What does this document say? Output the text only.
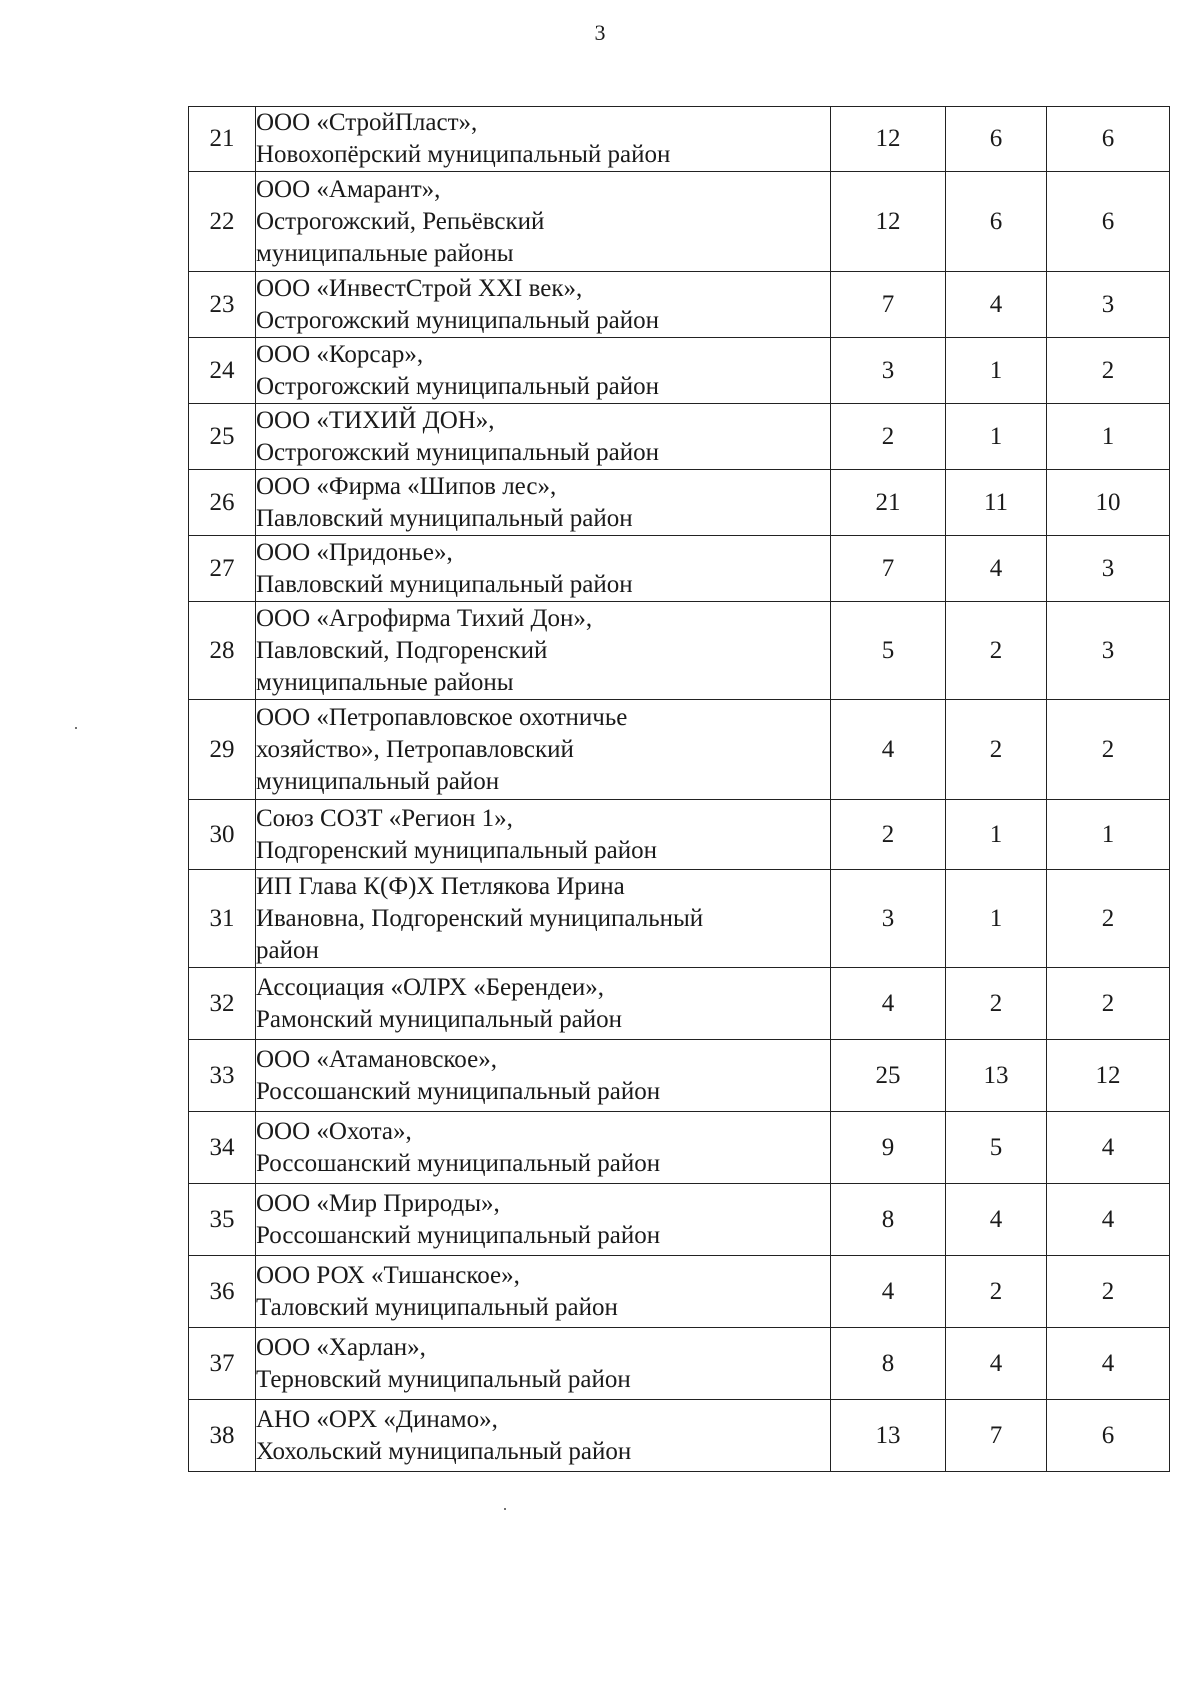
3
21	ООО «СтройПласт»,
Новохопёрский муниципальный район	12	6	6
22	ООО «Амарант»,
Острогожский, Репьёвский
муниципальные районы	12	6	6
23	ООО «ИнвестСтрой XXI век»,
Острогожский муниципальный район	7	4	3
24	ООО «Корсар»,
Острогожский муниципальный район	3	1	2
25	ООО «ТИХИЙ ДОН»,
Острогожский муниципальный район	2	1	1
26	ООО «Фирма «Шипов лес»,
Павловский муниципальный район	21	11	10
27	ООО «Придонье»,
Павловский муниципальный район	7	4	3
28	ООО «Агрофирма Тихий Дон»,
Павловский, Подгоренский
муниципальные районы	5	2	3
29	ООО «Петропавловское охотничье
хозяйство», Петропавловский
муниципальный район	4	2	2
30	Союз СОЗТ «Регион 1»,
Подгоренский муниципальный район	2	1	1
31	ИП Глава К(Ф)Х Петлякова Ирина
Ивановна, Подгоренский муниципальный
район	3	1	2
32	Ассоциация «ОЛРХ «Берендеи»,
Рамонский муниципальный район	4	2	2
33	ООО «Атамановское»,
Россошанский муниципальный район	25	13	12
34	ООО «Охота»,
Россошанский муниципальный район	9	5	4
35	ООО «Мир Природы»,
Россошанский муниципальный район	8	4	4
36	ООО РОХ «Тишанское»,
Таловский муниципальный район	4	2	2
37	ООО «Харлан»,
Терновский муниципальный район	8	4	4
38	АНО «ОРХ «Динамо»,
Хохольский муниципальный район	13	7	6
